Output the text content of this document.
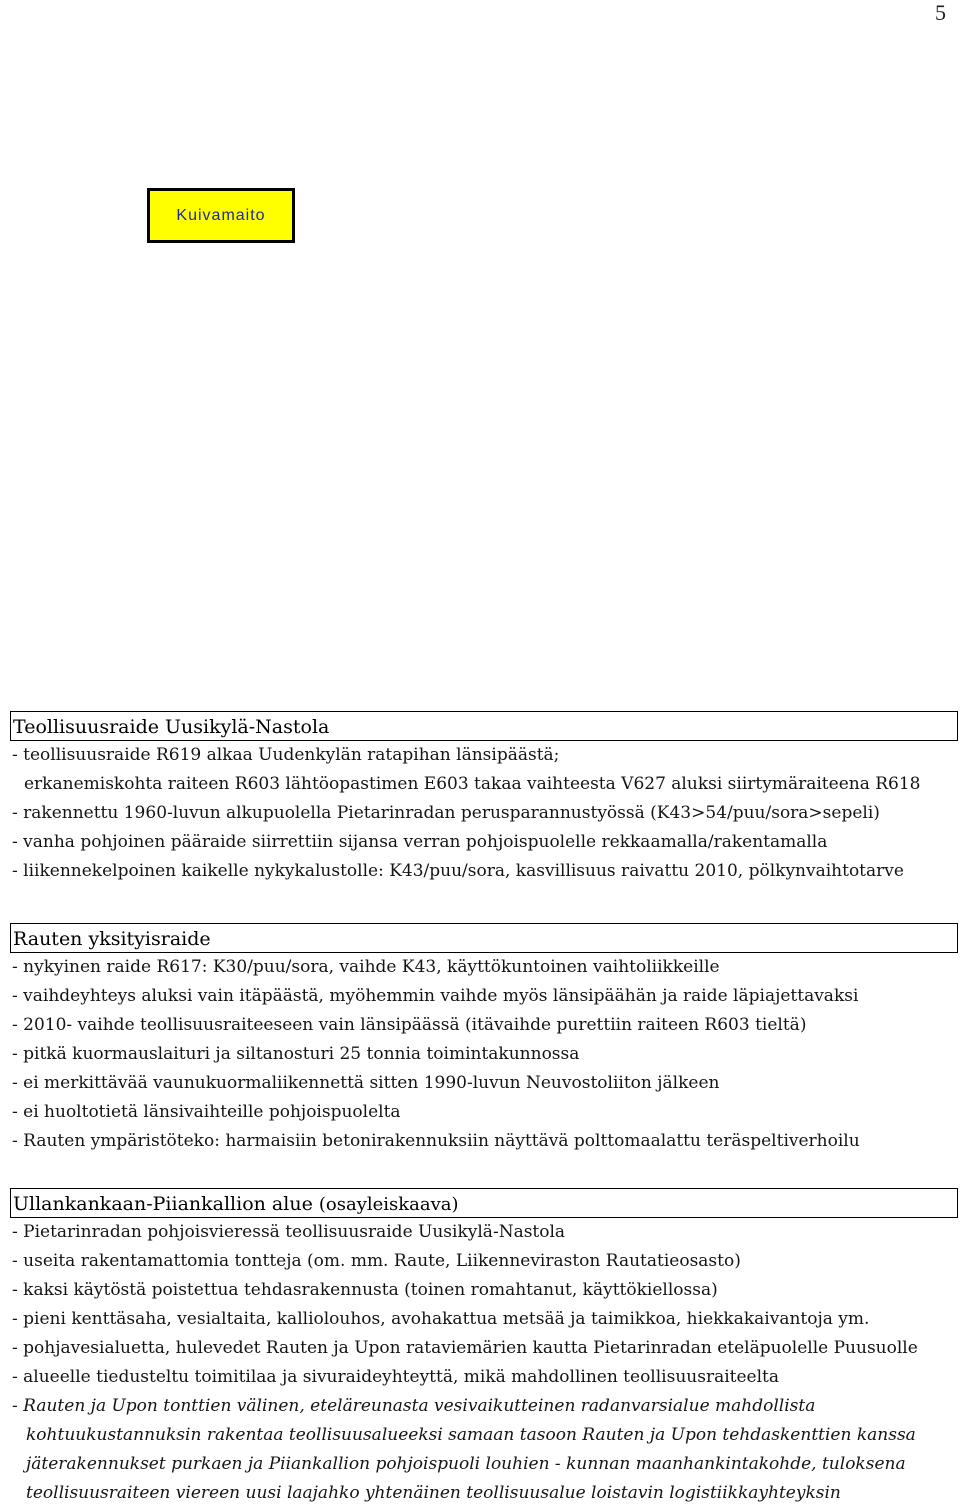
5
Kuivamaito
Teollisuusraide Uusikylä-Nastola
- teollisuusraide R619 alkaa Uudenkylän ratapihan länsipäästä;
erkanemiskohta raiteen R603 lähtöopastimen E603 takaa vaihteesta V627 aluksi siirtymäraiteena R618
- rakennettu 1960-luvun alkupuolella Pietarinradan perusparannustyössä (K43>54/puu/sora>sepeli)
- vanha pohjoinen pääraide siirrettiin sijansa verran pohjoispuolelle rekkaamalla/rakentamalla
- liikennekelpoinen kaikelle nykykalustolle: K43/puu/sora, kasvillisuus raivattu 2010, pölkynvaihtotarve
Rauten yksityisraide
- nykyinen raide R617: K30/puu/sora, vaihde K43, käyttökuntoinen vaihtoliikkeille
- vaihdeyhteys aluksi vain itäpäästä, myöhemmin vaihde myös länsipäähän ja raide läpiajettavaksi
- 2010- vaihde teollisuusraiteeseen vain länsipäässä (itävaihde purettiin raiteen R603 tieltä)
- pitkä kuormauslaituri ja siltanosturi 25 tonnia toimintakunnossa
- ei merkittävää vaunukuormaliikennettä sitten 1990-luvun Neuvostoliiton jälkeen
- ei huoltotietä länsivaihteille pohjoispuolelta
- Rauten ympäristöteko: harmaisiin betonirakennuksiin näyttävä polttomaalattu teräspeltiverhoilu
Ullankankaan-Piiankallion alue (osayleiskaava)
- Pietarinradan pohjoisvieressä teollisuusraide Uusikylä-Nastola
- useita rakentamattomia tontteja (om. mm. Raute, Liikenneviraston Rautatieosasto)
- kaksi käytöstä poistettua tehdasrakennusta (toinen romahtanut, käyttökiellossa)
- pieni kenttäsaha, vesialtaita, kalliolouhos, avohakattua metsää ja taimikkoa, hiekkakaivantoja ym.
- pohjavesialuetta, hulevedet Rauten ja Upon rataviemärien kautta Pietarinradan eteläpuolelle Puusuolle
- alueelle tiedusteltu toimitilaa ja sivuraideyhteyttä, mikä mahdollinen teollisuusraiteelta
- Rauten ja Upon tonttien välinen, eteläreunasta vesivaikutteinen radanvarsialue mahdollista
kohtuukustannuksin rakentaa teollisuusalueeksi samaan tasoon Rauten ja Upon tehdaskenttien kanssa
jäterakennukset purkaen ja Piiankallion pohjoispuoli louhien - kunnan maanhankintakohde, tuloksena
teollisuusraiteen viereen uusi laajahko yhtenäinen teollisuusalue loistavin logistiikkayhteyksin
